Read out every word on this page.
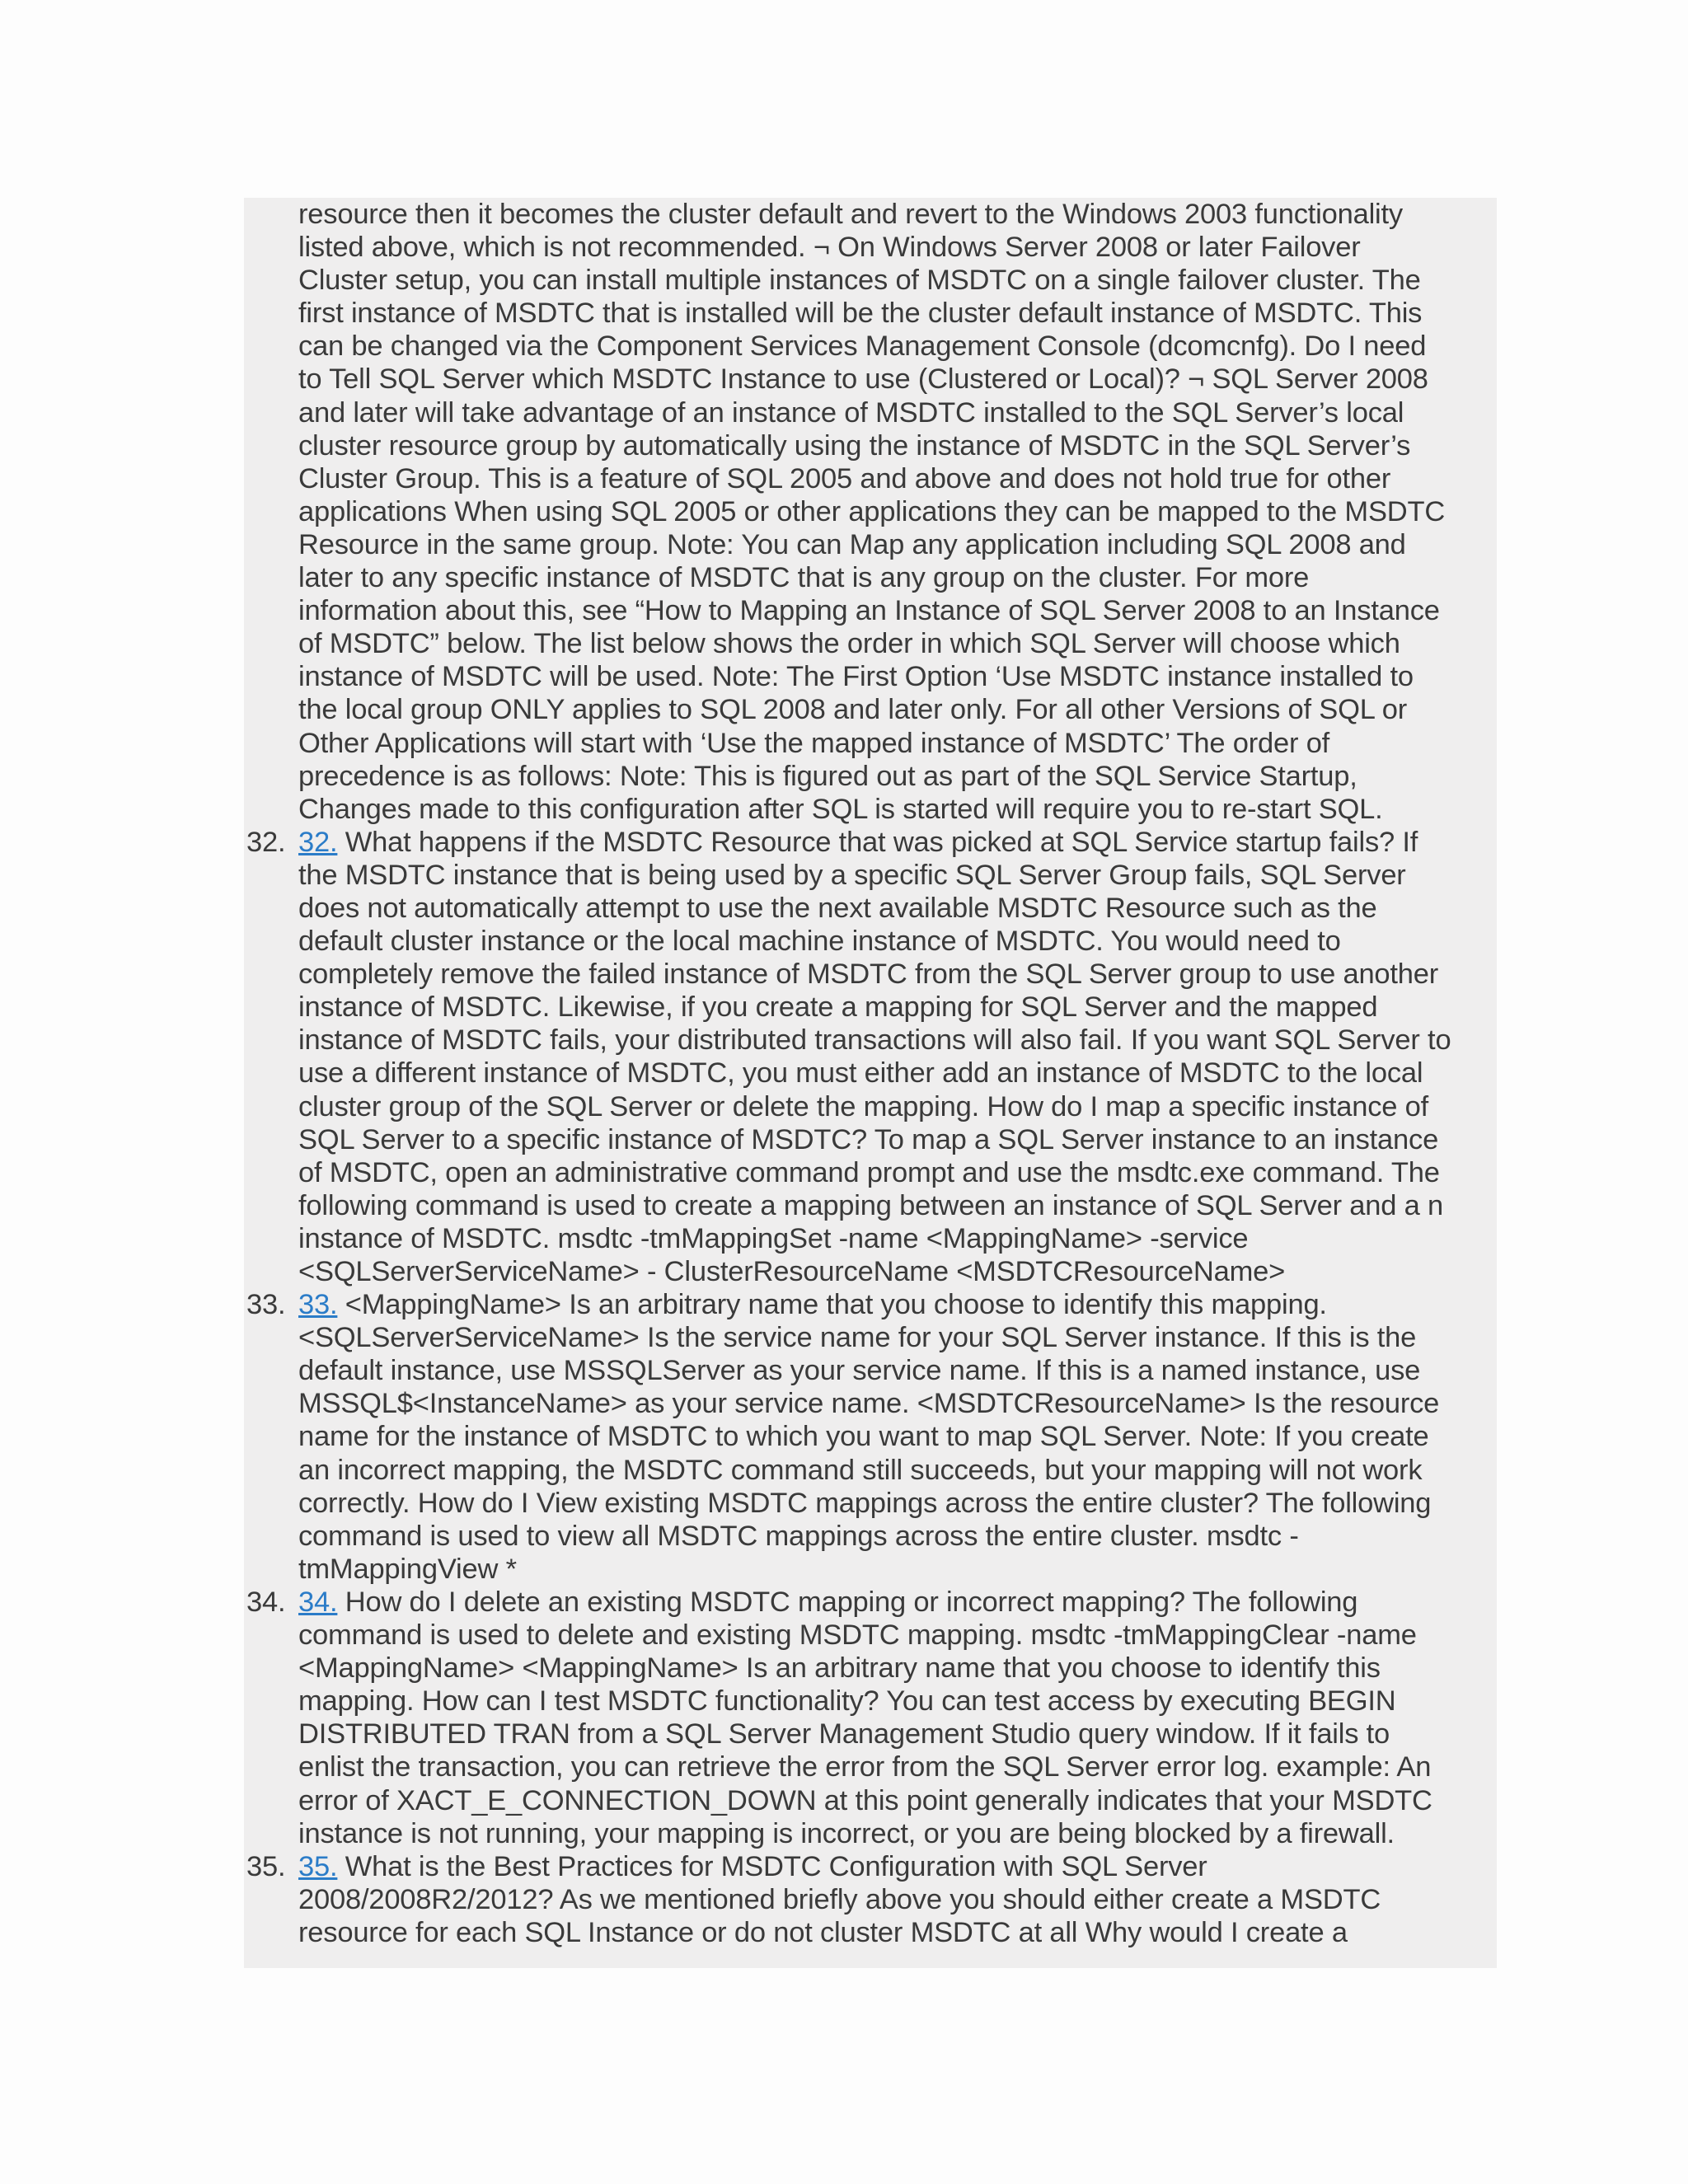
resource then it becomes the cluster default and revert to the Windows 2003 functionality
listed above, which is not recommended. ¬ On Windows Server 2008 or later Failover
Cluster setup, you can install multiple instances of MSDTC on a single failover cluster. The
first instance of MSDTC that is installed will be the cluster default instance of MSDTC. This
can be changed via the Component Services Management Console (dcomcnfg). Do I need
to Tell SQL Server which MSDTC Instance to use (Clustered or Local)? ¬ SQL Server 2008
and later will take advantage of an instance of MSDTC installed to the SQL Server’s local
cluster resource group by automatically using the instance of MSDTC in the SQL Server’s
Cluster Group. This is a feature of SQL 2005 and above and does not hold true for other
applications When using SQL 2005 or other applications they can be mapped to the MSDTC
Resource in the same group. Note: You can Map any application including SQL 2008 and
later to any specific instance of MSDTC that is any group on the cluster. For more
information about this, see “How to Mapping an Instance of SQL Server 2008 to an Instance
of MSDTC” below. The list below shows the order in which SQL Server will choose which
instance of MSDTC will be used. Note: The First Option ‘Use MSDTC instance installed to
the local group ONLY applies to SQL 2008 and later only. For all other Versions of SQL or
Other Applications will start with ‘Use the mapped instance of MSDTC’ The order of
precedence is as follows: Note: This is figured out as part of the SQL Service Startup,
Changes made to this configuration after SQL is started will require you to re-start SQL.
32. 32. What happens if the MSDTC Resource that was picked at SQL Service startup fails? If
the MSDTC instance that is being used by a specific SQL Server Group fails, SQL Server
does not automatically attempt to use the next available MSDTC Resource such as the
default cluster instance or the local machine instance of MSDTC. You would need to
completely remove the failed instance of MSDTC from the SQL Server group to use another
instance of MSDTC. Likewise, if you create a mapping for SQL Server and the mapped
instance of MSDTC fails, your distributed transactions will also fail. If you want SQL Server to
use a different instance of MSDTC, you must either add an instance of MSDTC to the local
cluster group of the SQL Server or delete the mapping. How do I map a specific instance of
SQL Server to a specific instance of MSDTC? To map a SQL Server instance to an instance
of MSDTC, open an administrative command prompt and use the msdtc.exe command. The
following command is used to create a mapping between an instance of SQL Server and a n
instance of MSDTC. msdtc -tmMappingSet -name <MappingName> -service
<SQLServerServiceName> - ClusterResourceName <MSDTCResourceName>
33. 33. <MappingName> Is an arbitrary name that you choose to identify this mapping.
<SQLServerServiceName> Is the service name for your SQL Server instance. If this is the
default instance, use MSSQLServer as your service name. If this is a named instance, use
MSSQL$<InstanceName> as your service name. <MSDTCResourceName> Is the resource
name for the instance of MSDTC to which you want to map SQL Server. Note: If you create
an incorrect mapping, the MSDTC command still succeeds, but your mapping will not work
correctly. How do I View existing MSDTC mappings across the entire cluster? The following
command is used to view all MSDTC mappings across the entire cluster. msdtc -
tmMappingView *
34. 34. How do I delete an existing MSDTC mapping or incorrect mapping? The following
command is used to delete and existing MSDTC mapping. msdtc -tmMappingClear -name
<MappingName> <MappingName> Is an arbitrary name that you choose to identify this
mapping. How can I test MSDTC functionality? You can test access by executing BEGIN
DISTRIBUTED TRAN from a SQL Server Management Studio query window. If it fails to
enlist the transaction, you can retrieve the error from the SQL Server error log. example: An
error of XACT_E_CONNECTION_DOWN at this point generally indicates that your MSDTC
instance is not running, your mapping is incorrect, or you are being blocked by a firewall.
35. 35. What is the Best Practices for MSDTC Configuration with SQL Server
2008/2008R2/2012? As we mentioned briefly above you should either create a MSDTC
resource for each SQL Instance or do not cluster MSDTC at all Why would I create a
